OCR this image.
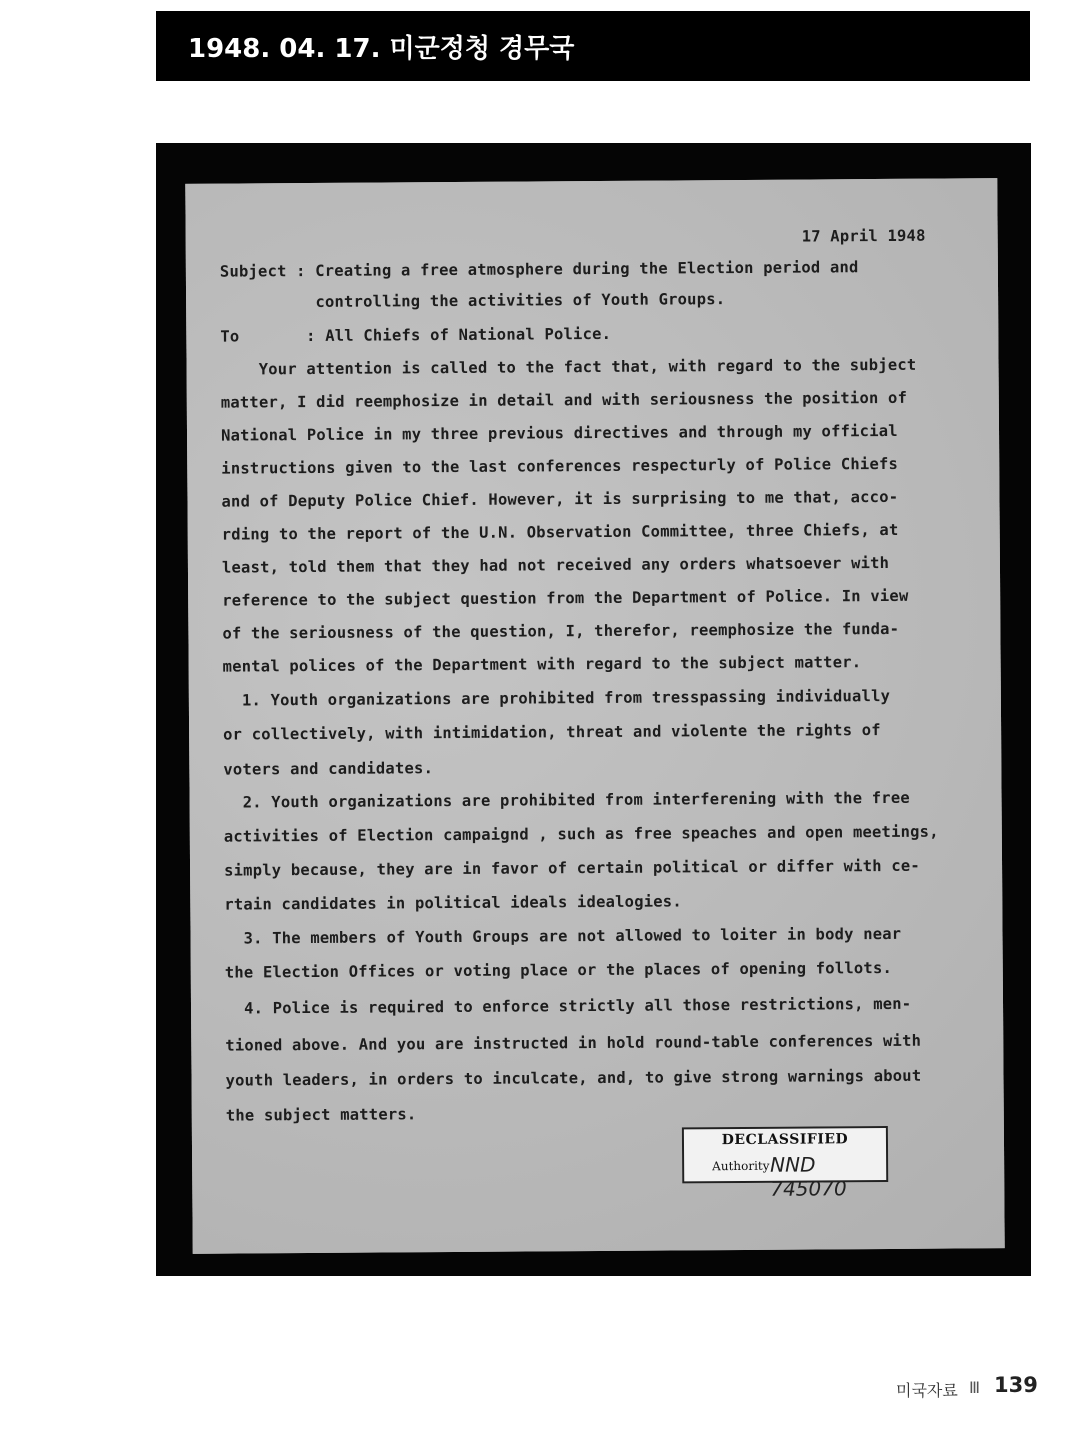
1948. 04. 17. 미군정청 경무국
17 April 1948
Subject : Creating a free atmosphere during the Election period and
controlling the activities of Youth Groups.
To       : All Chiefs of National Police.
Your attention is called to the fact that, with regard to the subject
matter, I did reemphosize in detail and with seriousness the position of
National Police in my three previous directives and through my official
instructions given to the last conferences respecturly of Police Chiefs
and of Deputy Police Chief. However, it is surprising to me that, acco-
rding to the report of the U.N. Observation Committee, three Chiefs, at
least, told them that they had not received any orders whatsoever with
reference to the subject question from the Department of Police. In view
of the seriousness of the question, I, therefor, reemphosize the funda-
mental polices of the Department with regard to the subject matter.
1. Youth organizations are prohibited from tresspassing individually
or collectively, with intimidation, threat and violente the rights of
voters and candidates.
2. Youth organizations are prohibited from interferening with the free
activities of Election campaignd , such as free speaches and open meetings,
simply because, they are in favor of certain political or differ with ce-
rtain candidates in political ideals idealogies.
3. The members of Youth Groups are not allowed to loiter in body near
the Election Offices or voting place or the places of opening follots.
4. Police is required to enforce strictly all those restrictions, men-
tioned above. And you are instructed in hold round-table conferences with
youth leaders, in orders to inculcate, and, to give strong warnings about
the subject matters.
DECLASSIFIED
Authority NND 745070
미국자료 Ⅲ 139
